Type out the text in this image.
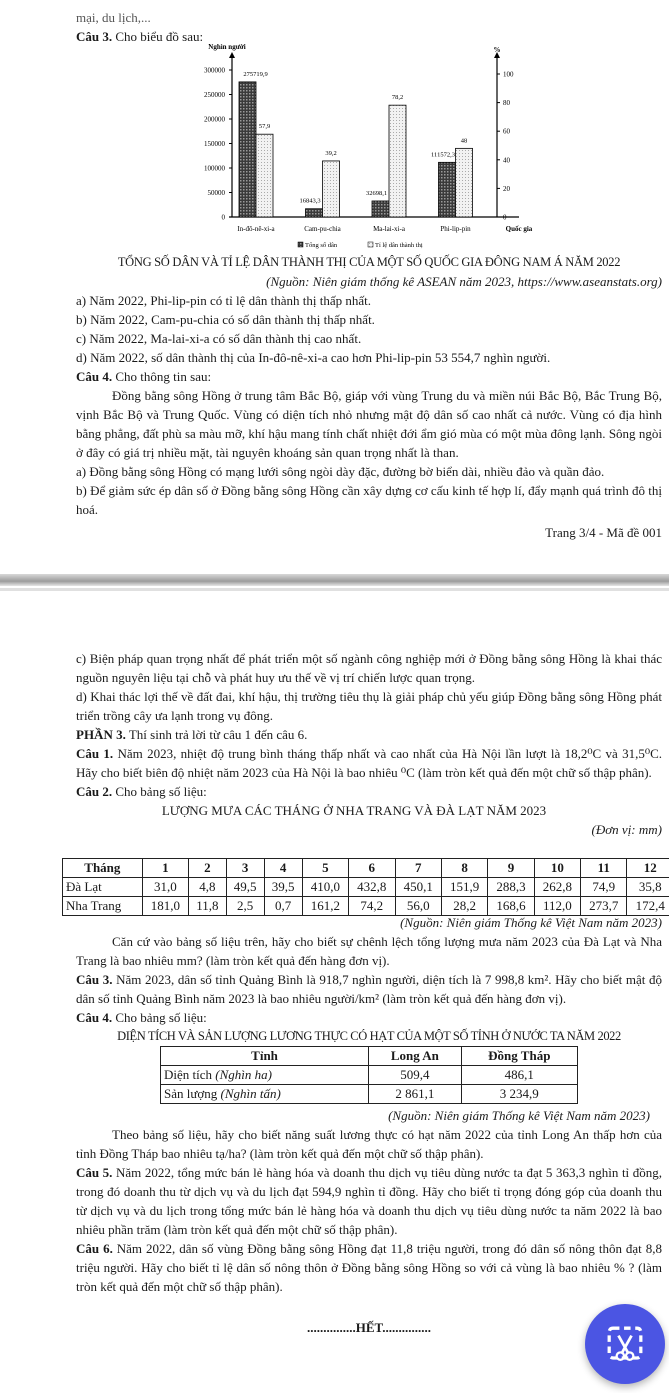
mại, du lịch,...

Câu 3. Cho biểu đồ sau:

Nghìn người	%
Quốc gia
0
50000
100000
150000
200000
250000
300000
0
20
40
60
80
100
275719,9
57,9
In-đô-nê-xi-a
16843,3
39,2
Cam-pu-chia
32698,1
78,2
Ma-lai-xi-a
111572,3
48
Phi-lip-pin
Tổng số dân	Tỉ lệ dân thành thị

TỔNG SỐ DÂN VÀ TỈ LỆ DÂN THÀNH THỊ CỦA MỘT SỐ QUỐC GIA ĐÔNG NAM Á NĂM 2022

(Nguồn: Niên giám thống kê ASEAN năm 2023, https://www.aseanstats.org)

a) Năm 2022, Phi-lip-pin có tỉ lệ dân thành thị thấp nhất.

b) Năm 2022, Cam-pu-chia có số dân thành thị thấp nhất.

c) Năm 2022, Ma-lai-xi-a có số dân thành thị cao nhất.

d) Năm 2022, số dân thành thị của In-đô-nê-xi-a cao hơn Phi-lip-pin 53 554,7 nghìn người.

Câu 4. Cho thông tin sau:

Đồng bằng sông Hồng ở trung tâm Bắc Bộ, giáp với vùng Trung du và miền núi Bắc Bộ, Bắc Trung Bộ, vịnh Bắc Bộ và Trung Quốc. Vùng có diện tích nhỏ nhưng mật độ dân số cao nhất cả nước. Vùng có địa hình bằng phẳng, đất phù sa màu mỡ, khí hậu mang tính chất nhiệt đới ẩm gió mùa có một mùa đông lạnh. Sông ngòi ở đây có giá trị nhiều mặt, tài nguyên khoáng sản quan trọng nhất là than.

a) Đồng bằng sông Hồng có mạng lưới sông ngòi dày đặc, đường bờ biển dài, nhiều đảo và quần đảo.

b) Để giảm sức ép dân số ở Đồng bằng sông Hồng cần xây dựng cơ cấu kinh tế hợp lí, đẩy mạnh quá trình đô thị hoá.

Trang 3/4 - Mã đề 001

c) Biện pháp quan trọng nhất để phát triển một số ngành công nghiệp mới ở Đồng bằng sông Hồng là khai thác nguồn nguyên liệu tại chỗ và phát huy ưu thế về vị trí chiến lược quan trọng.

d) Khai thác lợi thế về đất đai, khí hậu, thị trường tiêu thụ là giải pháp chủ yếu giúp Đồng bằng sông Hồng phát triển trồng cây ưa lạnh trong vụ đông.

PHẦN 3. Thí sinh trả lời từ câu 1 đến câu 6.

Câu 1. Năm 2023, nhiệt độ trung bình tháng thấp nhất và cao nhất của Hà Nội lần lượt là 18,2⁰C và 31,5⁰C. Hãy cho biết biên độ nhiệt năm 2023 của Hà Nội là bao nhiêu ⁰C (làm tròn kết quả đến một chữ số thập phân).

Câu 2. Cho bảng số liệu:

LƯỢNG MƯA CÁC THÁNG Ở NHA TRANG VÀ ĐÀ LẠT NĂM 2023

(Đơn vị: mm)

Tháng	1	2	3	4	5	6	7	8	9	10	11	12
Đà Lạt	31,0	4,8	49,5	39,5	410,0	432,8	450,1	151,9	288,3	262,8	74,9	35,8
Nha Trang	181,0	11,8	2,5	0,7	161,2	74,2	56,0	28,2	168,6	112,0	273,7	172,4

(Nguồn: Niên giám Thống kê Việt Nam năm 2023)

Căn cứ vào bảng số liệu trên, hãy cho biết sự chênh lệch tổng lượng mưa năm 2023 của Đà Lạt và Nha Trang là bao nhiêu mm? (làm tròn kết quả đến hàng đơn vị).

Câu 3. Năm 2023, dân số tỉnh Quảng Bình là 918,7 nghìn người, diện tích là 7 998,8 km². Hãy cho biết mật độ dân số tỉnh Quảng Bình năm 2023 là bao nhiêu người/km² (làm tròn kết quả đến hàng đơn vị).

Câu 4. Cho bảng số liệu:

DIỆN TÍCH VÀ SẢN LƯỢNG LƯƠNG THỰC CÓ HẠT CỦA MỘT SỐ TỈNH Ở NƯỚC TA NĂM 2022

Tỉnh	Long An	Đồng Tháp
Diện tích (Nghìn ha)	509,4	486,1
Sản lượng (Nghìn tấn)	2 861,1	3 234,9

(Nguồn: Niên giám Thống kê Việt Nam năm 2023)

Theo bảng số liệu, hãy cho biết năng suất lương thực có hạt năm 2022 của tỉnh Long An thấp hơn của tỉnh Đồng Tháp bao nhiêu tạ/ha? (làm tròn kết quả đến một chữ số thập phân).

Câu 5. Năm 2022, tổng mức bán lẻ hàng hóa và doanh thu dịch vụ tiêu dùng nước ta đạt 5 363,3 nghìn tỉ đồng, trong đó doanh thu từ dịch vụ và du lịch đạt 594,9 nghìn tỉ đồng. Hãy cho biết tỉ trọng đóng góp của doanh thu từ dịch vụ và du lịch trong tổng mức bán lẻ hàng hóa và doanh thu dịch vụ tiêu dùng nước ta năm 2022 là bao nhiêu phần trăm (làm tròn kết quả đến một chữ số thập phân).

Câu 6. Năm 2022, dân số vùng Đồng bằng sông Hồng đạt 11,8 triệu người, trong đó dân số nông thôn đạt 8,8 triệu người. Hãy cho biết tỉ lệ dân số nông thôn ở Đồng bằng sông Hồng so với cả vùng là bao nhiêu % ? (làm tròn kết quả đến một chữ số thập phân).

...............HẾT...............
